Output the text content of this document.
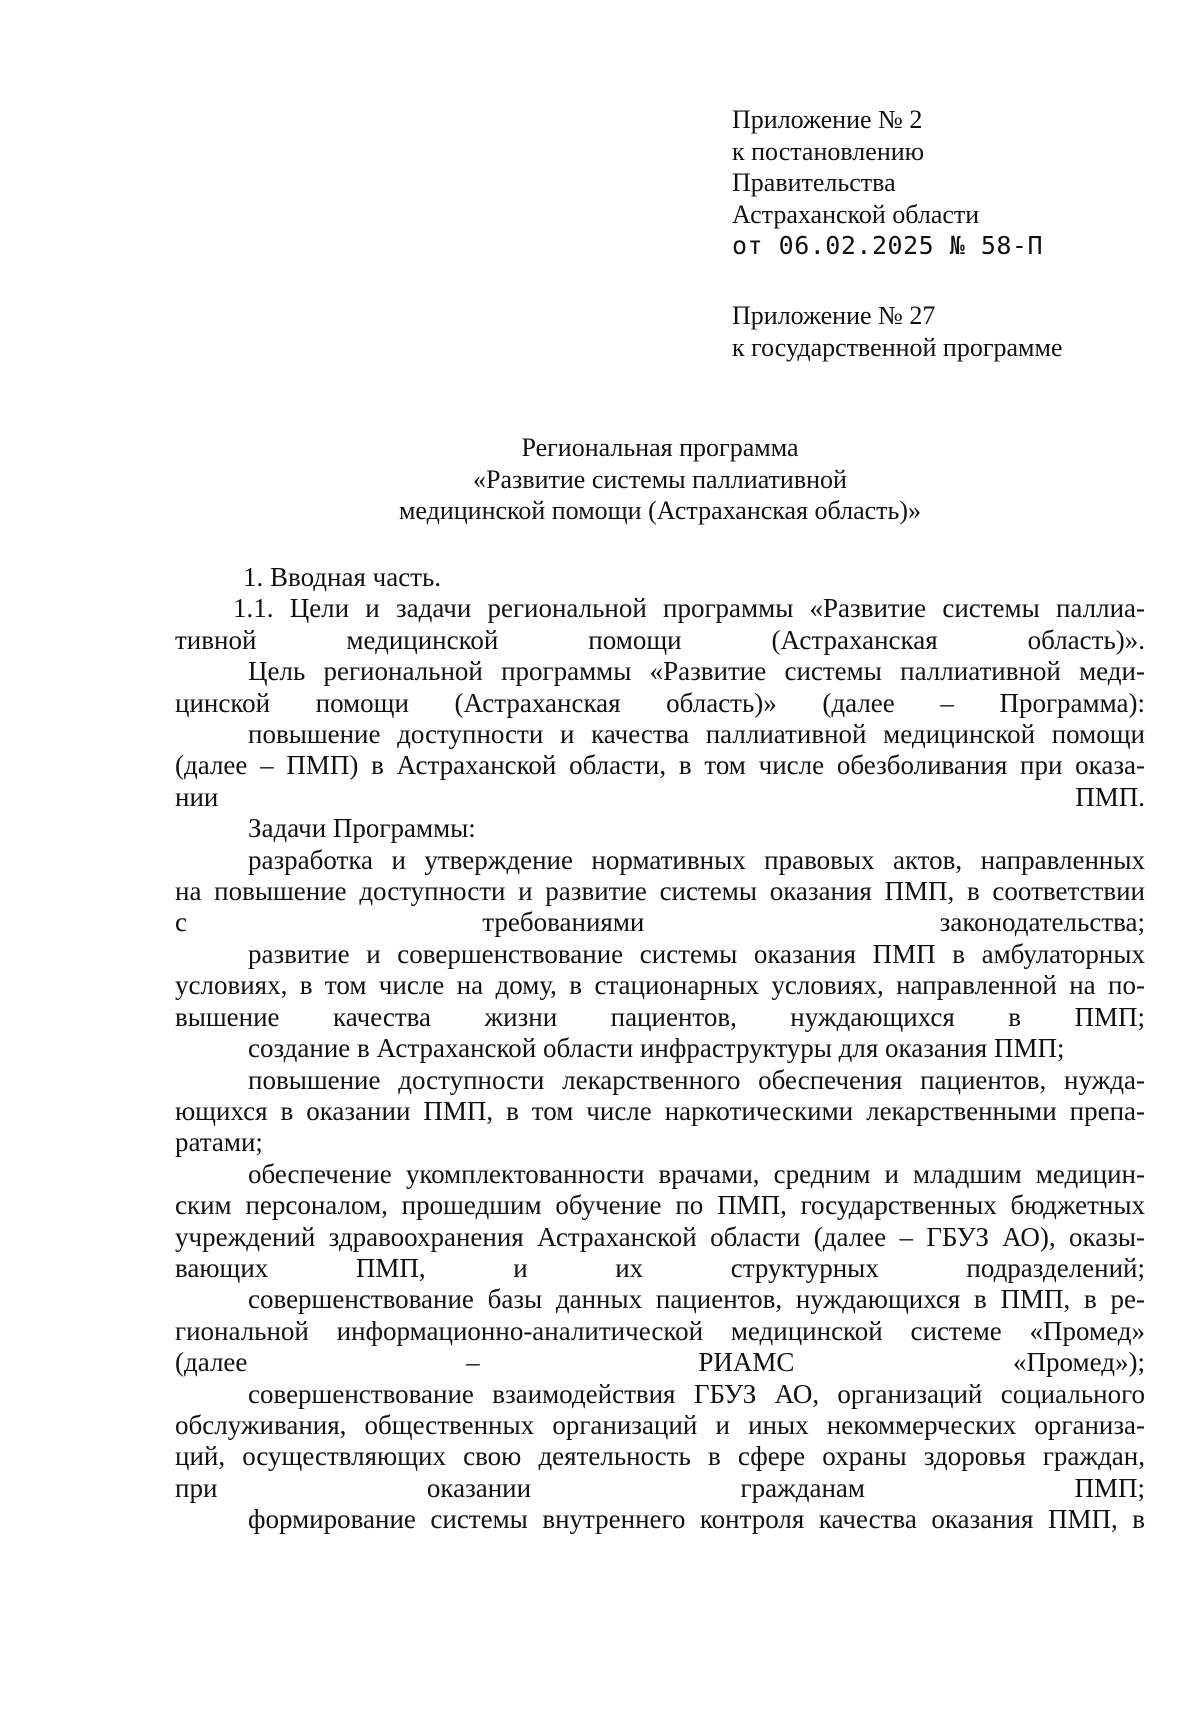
Приложение № 2
к постановлению
Правительства
Астраханской области
от 06.02.2025 № 58-П
Приложение № 27
к государственной программе
Региональная программа
«Развитие системы паллиативной
медицинской помощи (Астраханская область)»

1. Вводная часть.

1.1. Цели и задачи региональной программы «Развитие системы паллиа-
тивной медицинской помощи (Астраханская область)».

Цель региональной программы «Развитие системы паллиативной меди-
цинской помощи (Астраханская область)» (далее – Программа):

повышение доступности и качества паллиативной медицинской помощи
(далее – ПМП) в Астраханской области, в том числе обезболивания при оказа-
нии ПМП.

Задачи Программы:

разработка и утверждение нормативных правовых актов, направленных
на повышение доступности и развитие системы оказания ПМП, в соответствии
с требованиями законодательства;

развитие и совершенствование системы оказания ПМП в амбулаторных
условиях, в том числе на дому, в стационарных условиях, направленной на по-
вышение качества жизни пациентов, нуждающихся в ПМП;

создание в Астраханской области инфраструктуры для оказания ПМП;

повышение доступности лекарственного обеспечения пациентов, нужда-
ющихся в оказании ПМП, в том числе наркотическими лекарственными препа-
ратами;

обеспечение укомплектованности врачами, средним и младшим медицин-
ским персоналом, прошедшим обучение по ПМП, государственных бюджетных
учреждений здравоохранения Астраханской области (далее – ГБУЗ АО), оказы-
вающих ПМП, и их структурных подразделений;

совершенствование базы данных пациентов, нуждающихся в ПМП, в ре-
гиональной информационно-аналитической медицинской системе «Промед»
(далее – РИАМС «Промед»);

совершенствование взаимодействия ГБУЗ АО, организаций социального
обслуживания, общественных организаций и иных некоммерческих организа-
ций, осуществляющих свою деятельность в сфере охраны здоровья граждан,
при оказании гражданам ПМП;

формирование системы внутреннего контроля качества оказания ПМП, в
